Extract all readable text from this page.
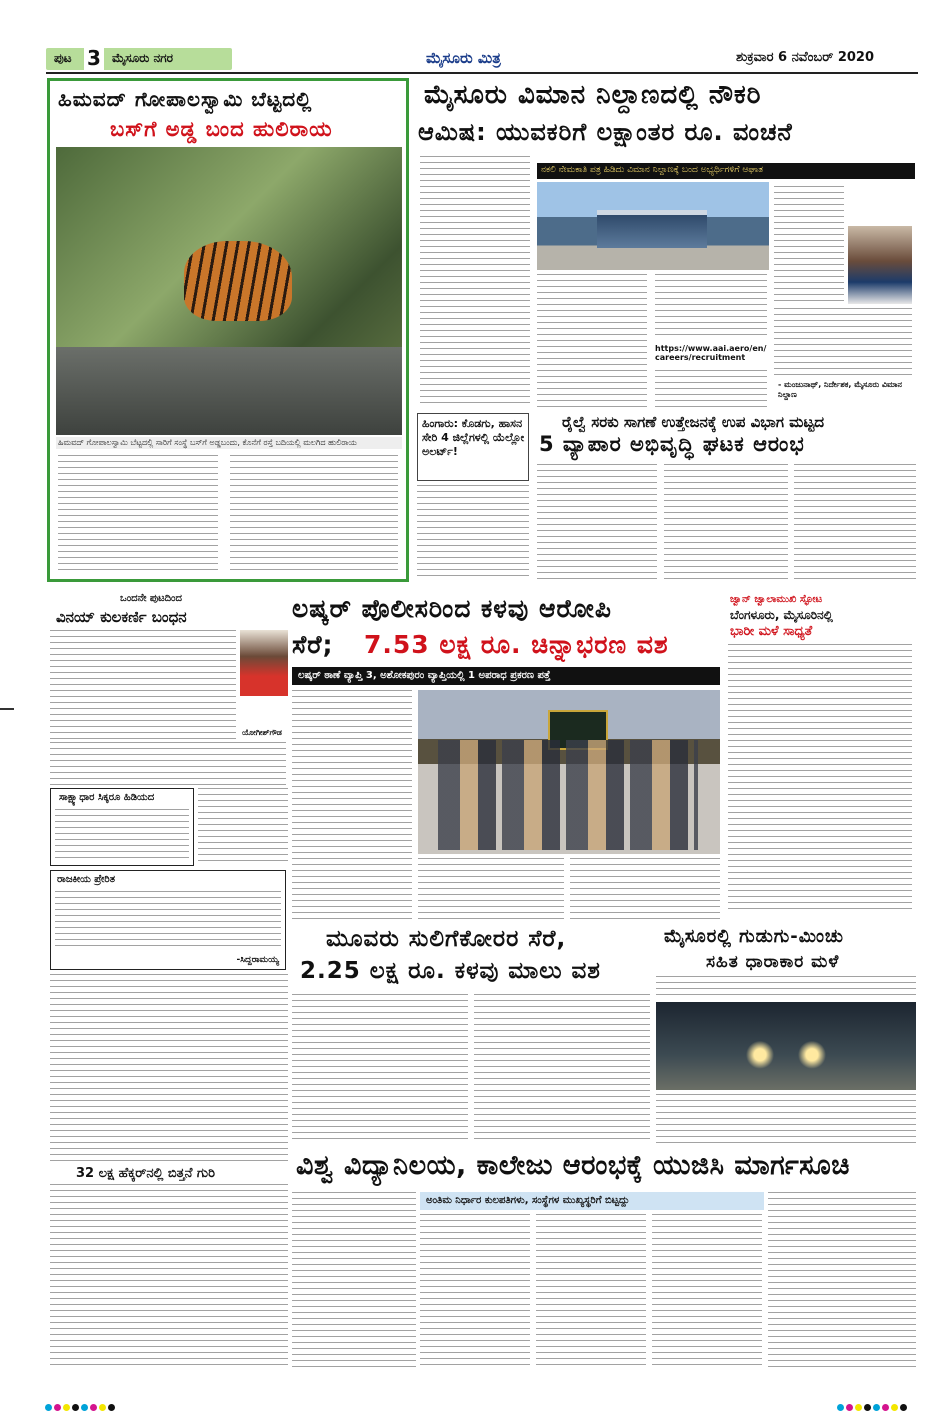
ಪುಟ 3 ಮೈಸೂರು ನಗರ	ಮೈಸೂರು ಮಿತ್ರ	ಶುಕ್ರವಾರ 6 ನವೆಂಬರ್ 2020
ಹಿಮವದ್ ಗೋಪಾಲಸ್ವಾಮಿ ಬೆಟ್ಟದಲ್ಲಿ
ಬಸ್‌ಗೆ ಅಡ್ಡ ಬಂದ ಹುಲಿರಾಯ
ಹಿಮವದ್ ಗೋಪಾಲಸ್ವಾಮಿ ಬೆಟ್ಟದಲ್ಲಿ ಸಾರಿಗೆ ಸಂಸ್ಥೆ ಬಸ್‌ಗೆ ಅಡ್ಡಬಂದು, ಕೊನೆಗೆ ರಸ್ತೆ ಬದಿಯಲ್ಲಿ ಮಲಗಿದ ಹುಲಿರಾಯ
ಮೈಸೂರು ವಿಮಾನ ನಿಲ್ದಾಣದಲ್ಲಿ ನೌಕರಿ
ಆಮಿಷ: ಯುವಕರಿಗೆ ಲಕ್ಷಾಂತರ ರೂ. ವಂಚನೆ
ನಕಲಿ ನೇಮಕಾತಿ ಪತ್ರ ಹಿಡಿದು ವಿಮಾನ ನಿಲ್ದಾಣಕ್ಕೆ ಬಂದ ಅಭ್ಯರ್ಥಿಗಳಿಗೆ ಆಘಾತ
- ಮಂಜುನಾಥ್, ನಿರ್ದೇಶಕ, ಮೈಸೂರು ವಿಮಾನ ನಿಲ್ದಾಣ
https://www.aai.aero/en/careers/recruitment
ಹಿಂಗಾರು: ಕೊಡಗು, ಹಾಸನ ಸೇರಿ 4 ಜಿಲ್ಲೆಗಳಲ್ಲಿ ಯೆಲ್ಲೋ ಅಲರ್ಟ್!
ರೈಲ್ವೆ ಸರಕು ಸಾಗಣೆ ಉತ್ತೇಜನಕ್ಕೆ ಉಪ ವಿಭಾಗ ಮಟ್ಟದ
5 ವ್ಯಾಪಾರ ಅಭಿವೃದ್ಧಿ ಘಟಕ ಆರಂಭ
ಒಂದನೇ ಪುಟದಿಂದ
ವಿನಯ್ ಕುಲಕರ್ಣಿ ಬಂಧನ
ಯೋಗೀಶ್‌ಗೌಡ
ಸಾಕ್ಷ್ಯಾಧಾರ ಸಿಕ್ಕರೂ ಹಿಡಿಯದ
ರಾಜಕೀಯ ಪ್ರೇರಿತ
-ಸಿದ್ದರಾಮಯ್ಯ
32 ಲಕ್ಷ ಹೆಕ್ಕರ್‌ನಲ್ಲಿ ಬಿತ್ತನೆ ಗುರಿ
ಲಷ್ಕರ್ ಪೊಲೀಸರಿಂದ ಕಳವು ಆರೋಪಿ
ಸೆರೆ; 7.53 ಲಕ್ಷ ರೂ. ಚಿನ್ನಾಭರಣ ವಶ
ಲಷ್ಕರ್ ಠಾಣೆ ವ್ಯಾಪ್ತಿ 3, ಅಶೋಕಪುರಂ ವ್ಯಾಪ್ತಿಯಲ್ಲಿ 1 ಅಪರಾಧ ಪ್ರಕರಣ ಪತ್ತೆ
ಜ್ವಾನ್ ಜ್ವಾಲಾಮುಖಿ ಸ್ಫೋಟ
ಬೆಂಗಳೂರು, ಮೈಸೂರಿನಲ್ಲಿ
ಭಾರೀ ಮಳೆ ಸಾಧ್ಯತೆ
ಮೂವರು ಸುಲಿಗೆಕೋರರ ಸೆರೆ,
2.25 ಲಕ್ಷ ರೂ. ಕಳವು ಮಾಲು ವಶ
ಮೈಸೂರಲ್ಲಿ ಗುಡುಗು-ಮಿಂಚು
ಸಹಿತ ಧಾರಾಕಾರ ಮಳೆ
ವಿಶ್ವ ವಿದ್ಯಾನಿಲಯ, ಕಾಲೇಜು ಆರಂಭಕ್ಕೆ ಯುಜಿಸಿ ಮಾರ್ಗಸೂಚಿ
ಅಂತಿಮ ನಿರ್ಧಾರ ಕುಲಪತಿಗಳು, ಸಂಸ್ಥೆಗಳ ಮುಖ್ಯಸ್ಥರಿಗೆ ಬಿಟ್ಟದ್ದು
